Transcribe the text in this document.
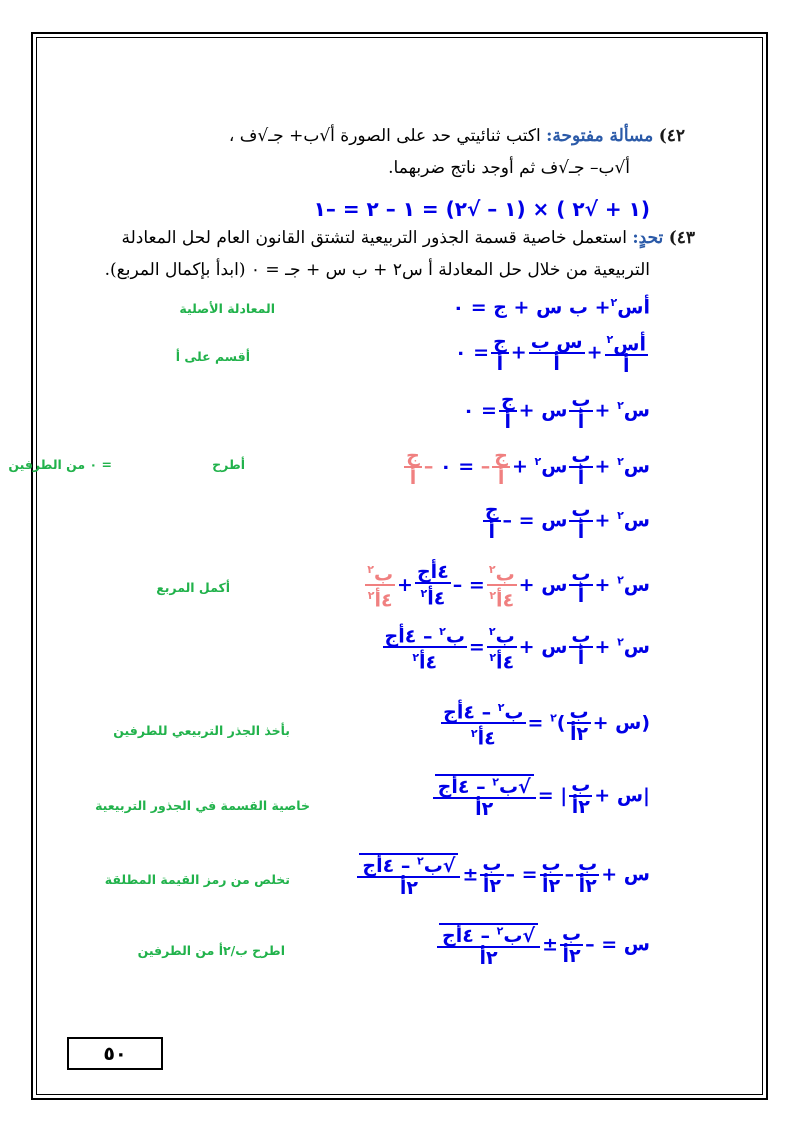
٤٢) مسألة مفتوحة: اكتب ثنائيتي حد على الصورة أ√ب+ جـ√ف ،
أ√ب– جـ√ف ثم أوجد ناتج ضربهما.
(١ + √٢ ) × (١ – √٢) = ١ – ٢ = –١
٤٣) تحدٍ: استعمل خاصية قسمة الجذور التربيعية لتشتق القانون العام لحل المعادلة
التربيعية من خلال حل المعادلة أ س٢ + ب س + جـ = ٠ (ابدأ بإكمال المربع).
أس$^٢$+ ب س + ج = ٠
المعادلة الأصلية
$\frac{أس^٢}{\text{أ}}$
+
$\frac{\text{س ب}}{\text{أ}}$
+
$\frac{\text{ج}}{\text{أ}}$
= ٠
أقسم على أ
س$^٢$ +
$\frac{\text{ب}}{\text{أ}}$
س +
$\frac{\text{ج}}{\text{أ}}$
= ٠
س$^٢$ +
$\frac{\text{ب}}{\text{أ}}$
س$^٢$ +
$\frac{\text{ج}}{\text{أ}}$
– = ٠ –
$\frac{\text{ج}}{\text{أ}}$
أطرح
= ٠ من الطرفين
س$^٢$ +
$\frac{\text{ب}}{\text{أ}}$
س = –
$\frac{\text{ج}}{\text{أ}}$
س$^٢$ +
$\frac{\text{ب}}{\text{أ}}$
س +
$\frac{ب^٢}{٤أ^٢}$
= –
$\frac{\text{٤أج}}{٤أ^٢}$
+
$\frac{ب^٢}{٤أ^٢}$
أكمل المربع
س$^٢$ +
$\frac{\text{ب}}{\text{أ}}$
س +
$\frac{ب^٢}{٤أ^٢}$
=
$\frac{ب^٢ - ٤أج}{٤أ^٢}$
(س +
$\frac{\text{ب}}{\text{٢أ}}$
)$^٢$ =
$\frac{ب^٢ - ٤أج}{٤أ^٢}$
بأخذ الجذر التربيعي للطرفين
|س +
$\frac{\text{ب}}{\text{٢أ}}$
| =
√ $\frac{ب^٢ - ٤أج}{\text{٢أ}}$
خاصية القسمة في الجذور التربيعية
س +
$\frac{\text{ب}}{\text{٢أ}}$
–
$\frac{\text{ب}}{\text{٢أ}}$
= –
$\frac{\text{ب}}{\text{٢أ}}$
±
√ $\frac{ب^٢ - ٤أج}{\text{٢أ}}$
تخلص من رمز القيمة المطلقة
س = –
$\frac{\text{ب}}{\text{٢أ}}$
±
√ $\frac{ب^٢ - ٤أج}{\text{٢أ}}$
اطرح ب/٢أ من الطرفين
٥٠
